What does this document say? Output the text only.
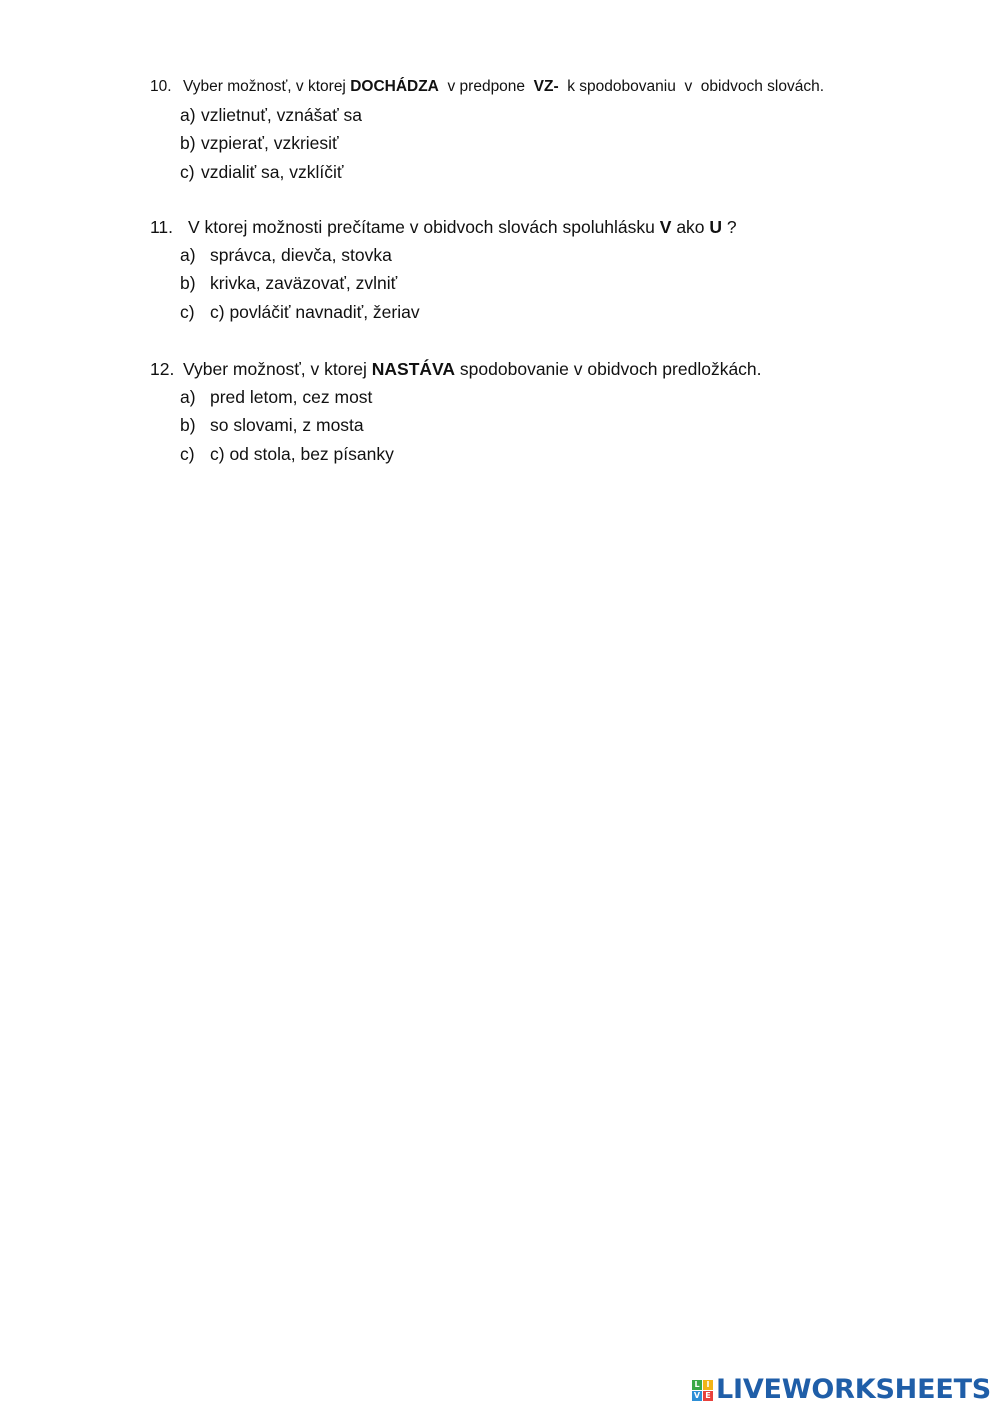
10. Vyber možnosť, v ktorej DOCHÁDZA  v predpone  VZ-  k spodobovaniu  v  obidvoch slovách.
a) vzlietnuť, vznášať sa
b) vzpierať, vzkriesiť
c) vzdialiť sa, vzklíčiť
11. V ktorej možnosti prečítame v obidvoch slovách spoluhlásku V ako U ?
a) správca, dievča, stovka
b) krivka, zaväzovať, zvlniť
c) c) povláčiť navnadiť, žeriav
12. Vyber možnosť, v ktorej NASTÁVA spodobovanie v obidvoch predložkách.
a) pred letom, cez most
b) so slovami, z mosta
c) c) od stola, bez písanky
L I
V E LIVEWORKSHEETS
